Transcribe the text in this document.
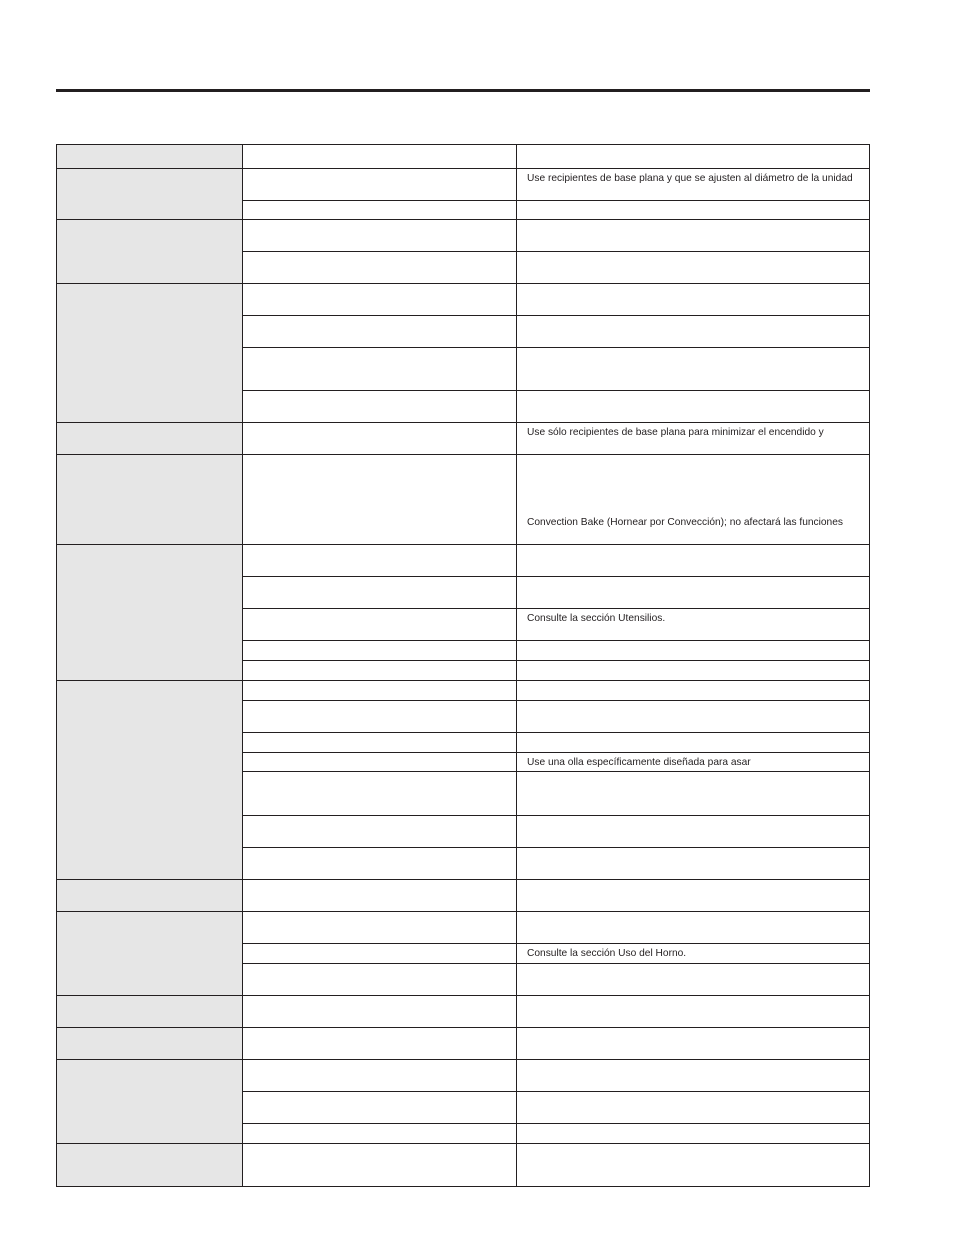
		Use recipientes de base plana y que se ajusten al diámetro de la unidad

		Use sólo recipientes de base plana para minimizar el encendido y

		Convection Bake (Hornear por Convección); no afectará las funciones

		Consulte la sección Utensilios.

		Use una olla específicamente diseñada para asar

		Consulte la sección Uso del Horno.
